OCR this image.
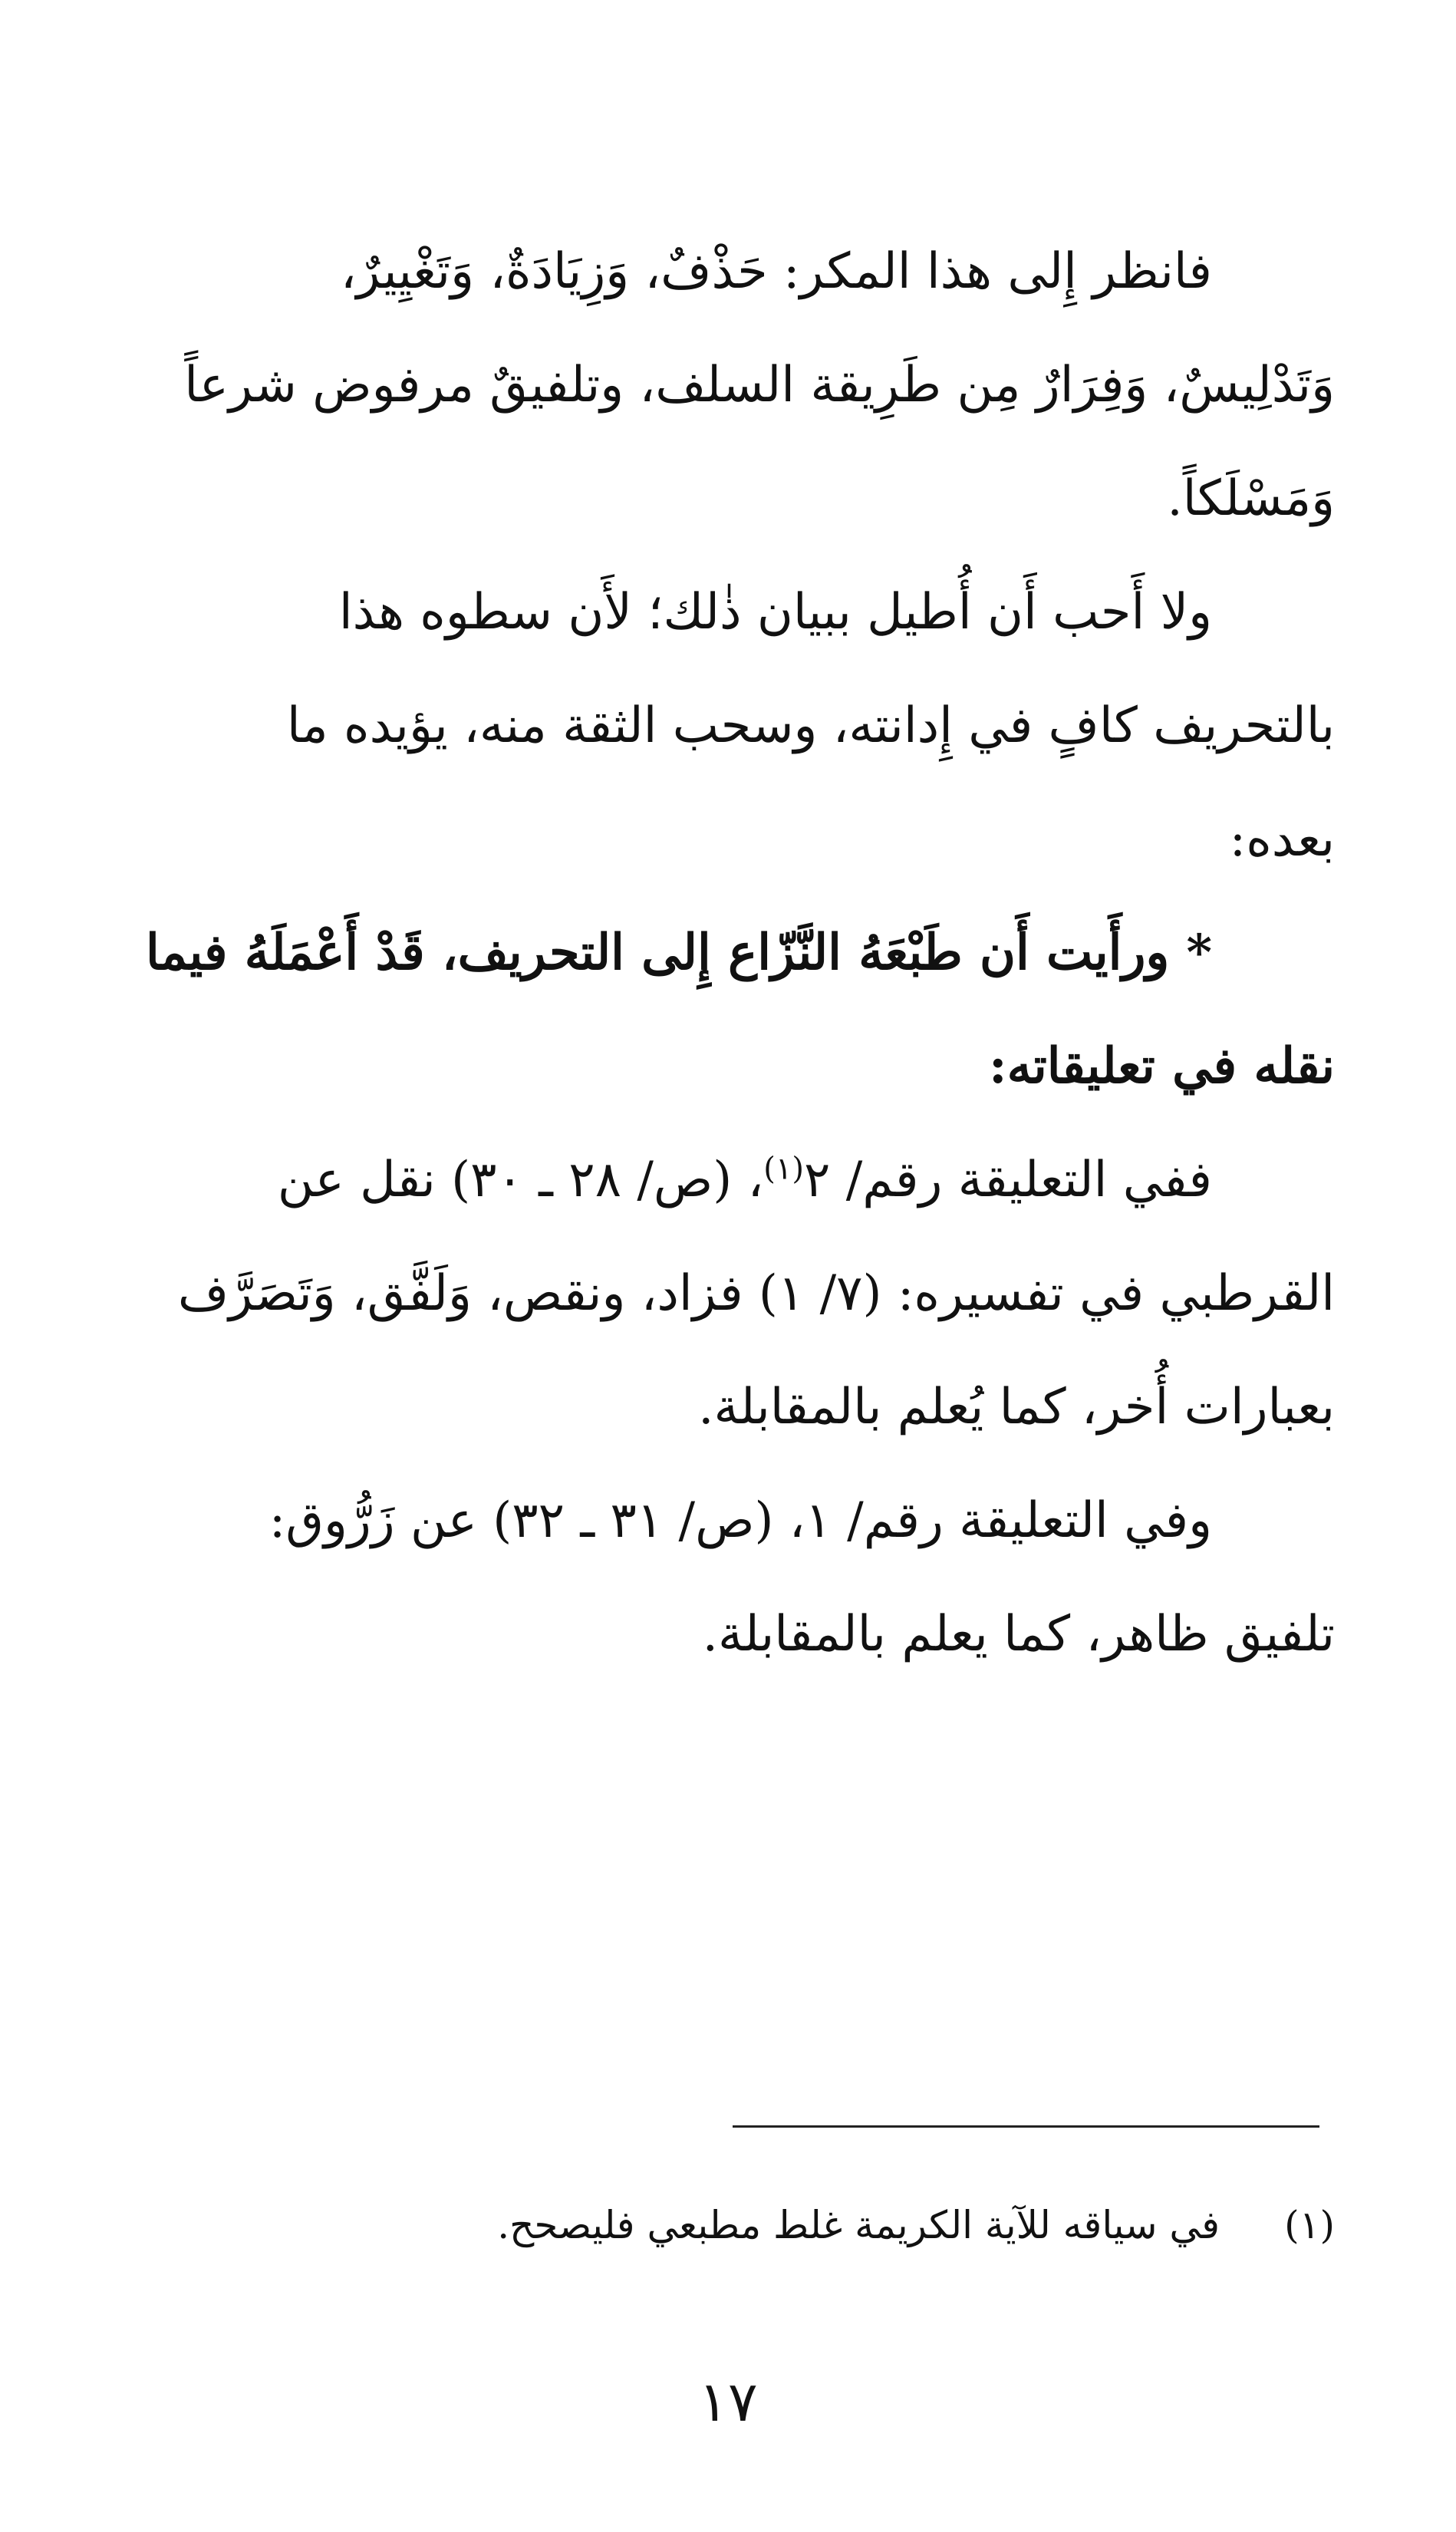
فانظر إِلى هذا المكر: حَذْفٌ، وَزِيَادَةٌ، وَتَغْيِيرٌ،
وَتَدْلِيسٌ، وَفِرَارٌ مِن طَرِيقة السلف، وتلفيقٌ مرفوض شرعاً
وَمَسْلَكاً.

ولا أَحب أَن أُطيل ببيان ذٰلك؛ لأَن سطوه هذا
بالتحريف كافٍ في إِدانته، وسحب الثقة منه، يؤيده ما
بعده:

* ورأَيت أَن طَبْعَهُ النَّزّاع إِلى التحريف، قَدْ أَعْمَلَهُ فيما
نقله في تعليقاته:

ففي التعليقة رقم/ ٢$^{(١)}$، (ص/ ٢٨ ـ ٣٠) نقل عن
القرطبي في تفسيره: (٧/ ١) فزاد، ونقص، وَلَفَّق، وَتَصَرَّف
بعبارات أُخر، كما يُعلم بالمقابلة.

وفي التعليقة رقم/ ١، (ص/ ٣١ ـ ٣٢) عن زَرُّوق:
تلفيق ظاهر، كما يعلم بالمقابلة.

(١)في سياقه للآية الكريمة غلط مطبعي فليصحح.
١٧
